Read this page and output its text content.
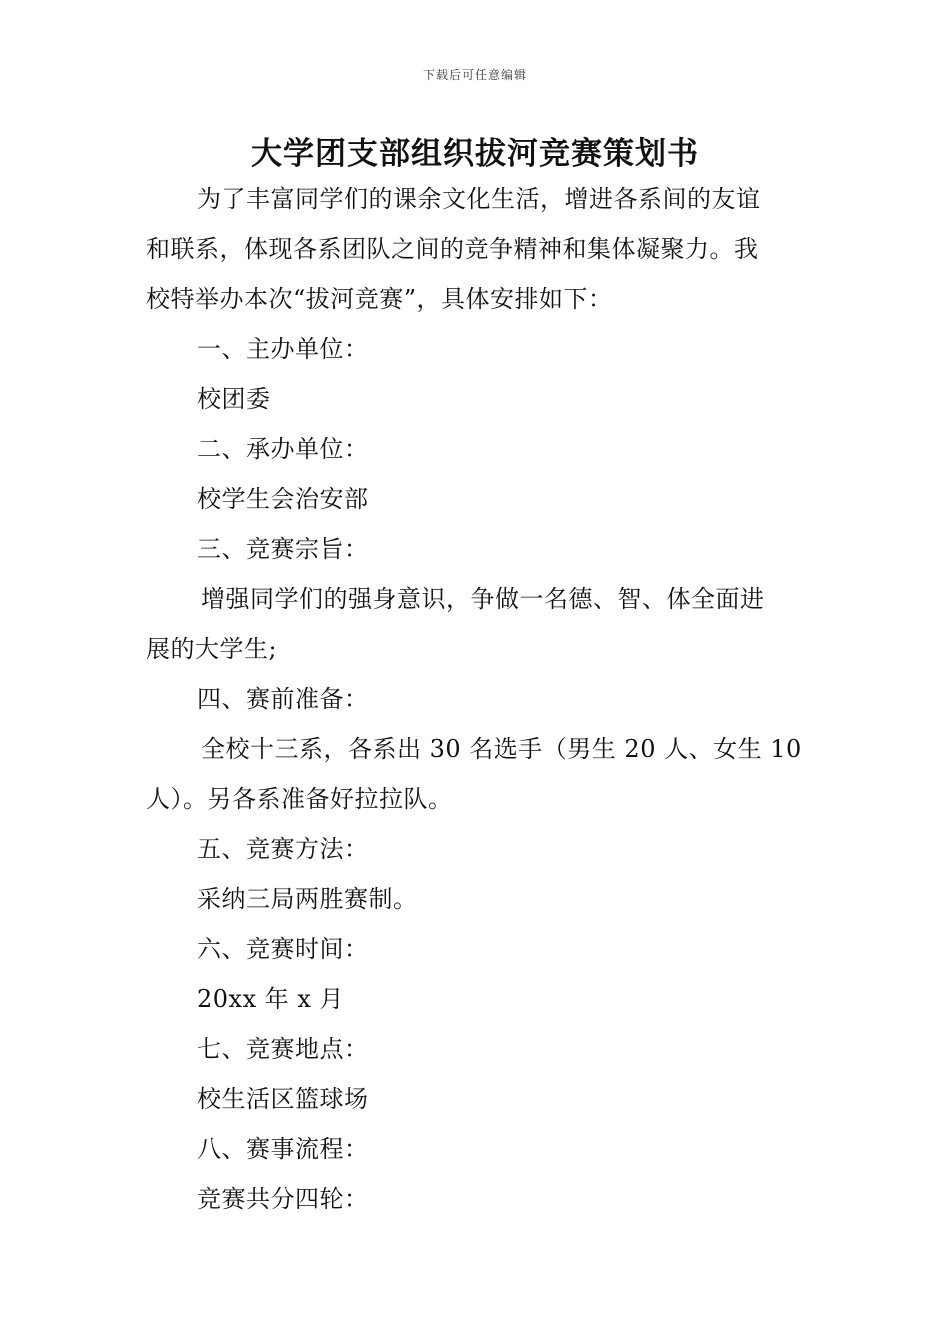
下载后可任意编辑
大学团支部组织拔河竞赛策划书
为了丰富同学们的课余文化生活，增进各系间的友谊
和联系，体现各系团队之间的竞争精神和集体凝聚力。我
校特举办本次“拔河竞赛”，具体安排如下：
一、主办单位：
校团委
二、承办单位：
校学生会治安部
三、竞赛宗旨：
增强同学们的强身意识，争做一名德、智、体全面进
展的大学生;
四、赛前准备：
全校十三系，各系出 30 名选手（男生 20 人、女生 10
人）。另各系准备好拉拉队。
五、竞赛方法：
采纳三局两胜赛制。
六、竞赛时间：
20xx 年 x 月
七、竞赛地点：
校生活区篮球场
八、赛事流程：
竞赛共分四轮：
